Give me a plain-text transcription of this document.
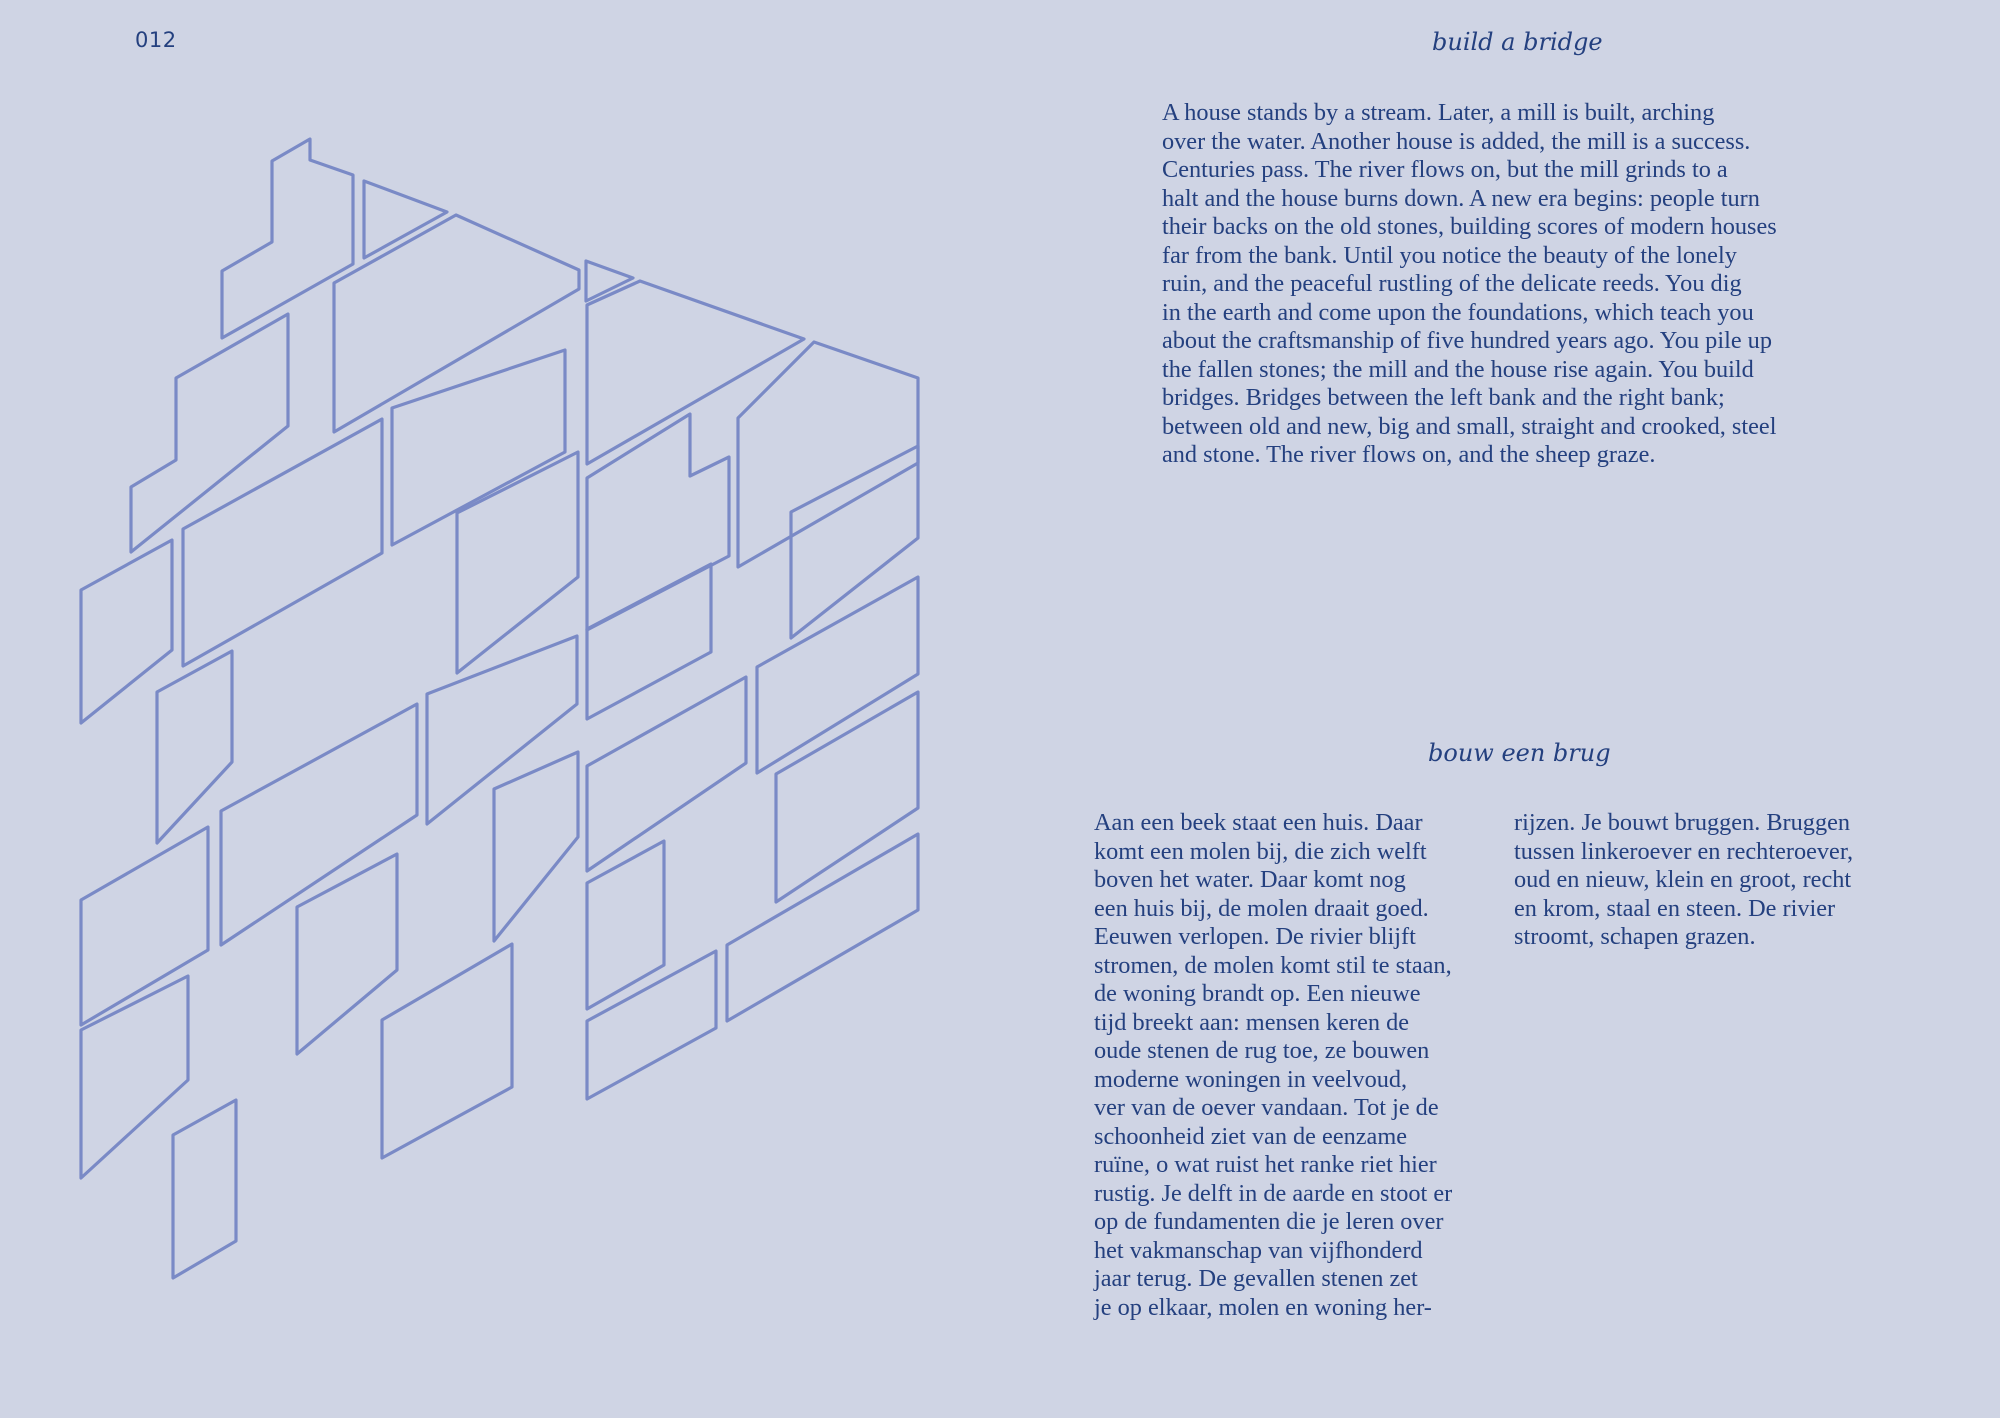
012	build a bridge
A house stands by a stream. Later, a mill is built, arching
over the water. Another house is added, the mill is a success.
Centuries pass. The river flows on, but the mill grinds to a
halt and the house burns down. A new era begins: people turn
their backs on the old stones, building scores of modern houses
far from the bank. Until you notice the beauty of the lonely
ruin, and the peaceful rustling of the delicate reeds. You dig
in the earth and come upon the foundations, which teach you
about the craftsmanship of five hundred years ago. You pile up
the fallen stones; the mill and the house rise again. You build
bridges. Bridges between the left bank and the right bank;
between old and new, big and small, straight and crooked, steel
and stone. The river flows on, and the sheep graze.
bouw een brug
Aan een beek staat een huis. Daar
komt een molen bij, die zich welft
boven het water. Daar komt nog
een huis bij, de molen draait goed.
Eeuwen verlopen. De rivier blijft
stromen, de molen komt stil te staan,
de woning brandt op. Een nieuwe
tijd breekt aan: mensen keren de
oude stenen de rug toe, ze bouwen
moderne woningen in veelvoud,
ver van de oever vandaan. Tot je de
schoonheid ziet van de eenzame
ruïne, o wat ruist het ranke riet hier
rustig. Je delft in de aarde en stoot er
op de fundamenten die je leren over
het vakmanschap van vijfhonderd
jaar terug. De gevallen stenen zet
je op elkaar, molen en woning her-
rijzen. Je bouwt bruggen. Bruggen
tussen linkeroever en rechteroever,
oud en nieuw, klein en groot, recht
en krom, staal en steen. De rivier
stroomt, schapen grazen.
